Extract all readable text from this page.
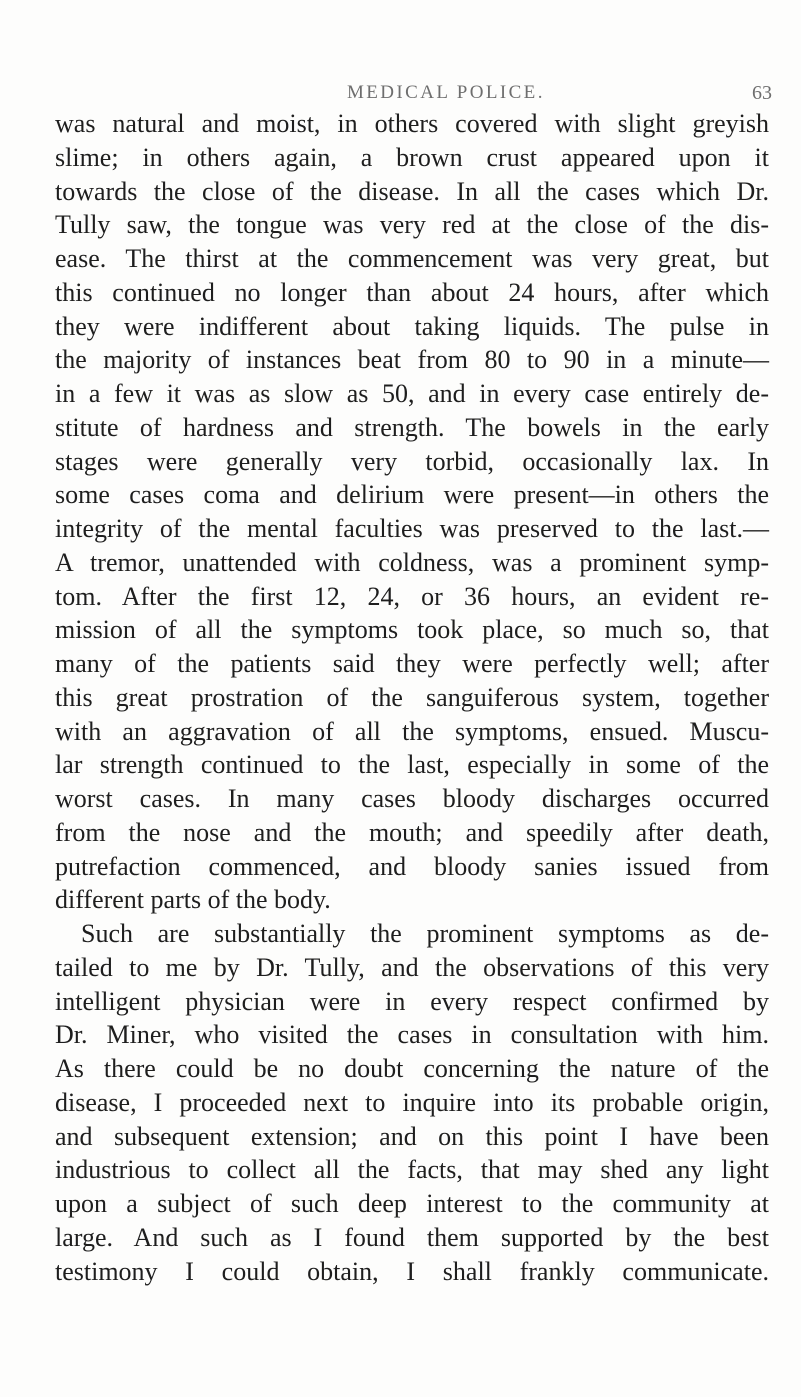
MEDICAL POLICE.	63
was natural and moist, in others covered with slight greyish
slime; in others again, a brown crust appeared upon it
towards the close of the disease. In all the cases which Dr.
Tully saw, the tongue was very red at the close of the dis-
ease. The thirst at the commencement was very great, but
this continued no longer than about 24 hours, after which
they were indifferent about taking liquids. The pulse in
the majority of instances beat from 80 to 90 in a minute—
in a few it was as slow as 50, and in every case entirely de-
stitute of hardness and strength. The bowels in the early
stages were generally very torbid, occasionally lax. In
some cases coma and delirium were present—in others the
integrity of the mental faculties was preserved to the last.—
A tremor, unattended with coldness, was a prominent symp-
tom. After the first 12, 24, or 36 hours, an evident re-
mission of all the symptoms took place, so much so, that
many of the patients said they were perfectly well; after
this great prostration of the sanguiferous system, together
with an aggravation of all the symptoms, ensued. Muscu-
lar strength continued to the last, especially in some of the
worst cases. In many cases bloody discharges occurred
from the nose and the mouth; and speedily after death,
putrefaction commenced, and bloody sanies issued from
different parts of the body.
Such are substantially the prominent symptoms as de-
tailed to me by Dr. Tully, and the observations of this very
intelligent physician were in every respect confirmed by
Dr. Miner, who visited the cases in consultation with him.
As there could be no doubt concerning the nature of the
disease, I proceeded next to inquire into its probable origin,
and subsequent extension; and on this point I have been
industrious to collect all the facts, that may shed any light
upon a subject of such deep interest to the community at
large. And such as I found them supported by the best
testimony I could obtain, I shall frankly communicate.
